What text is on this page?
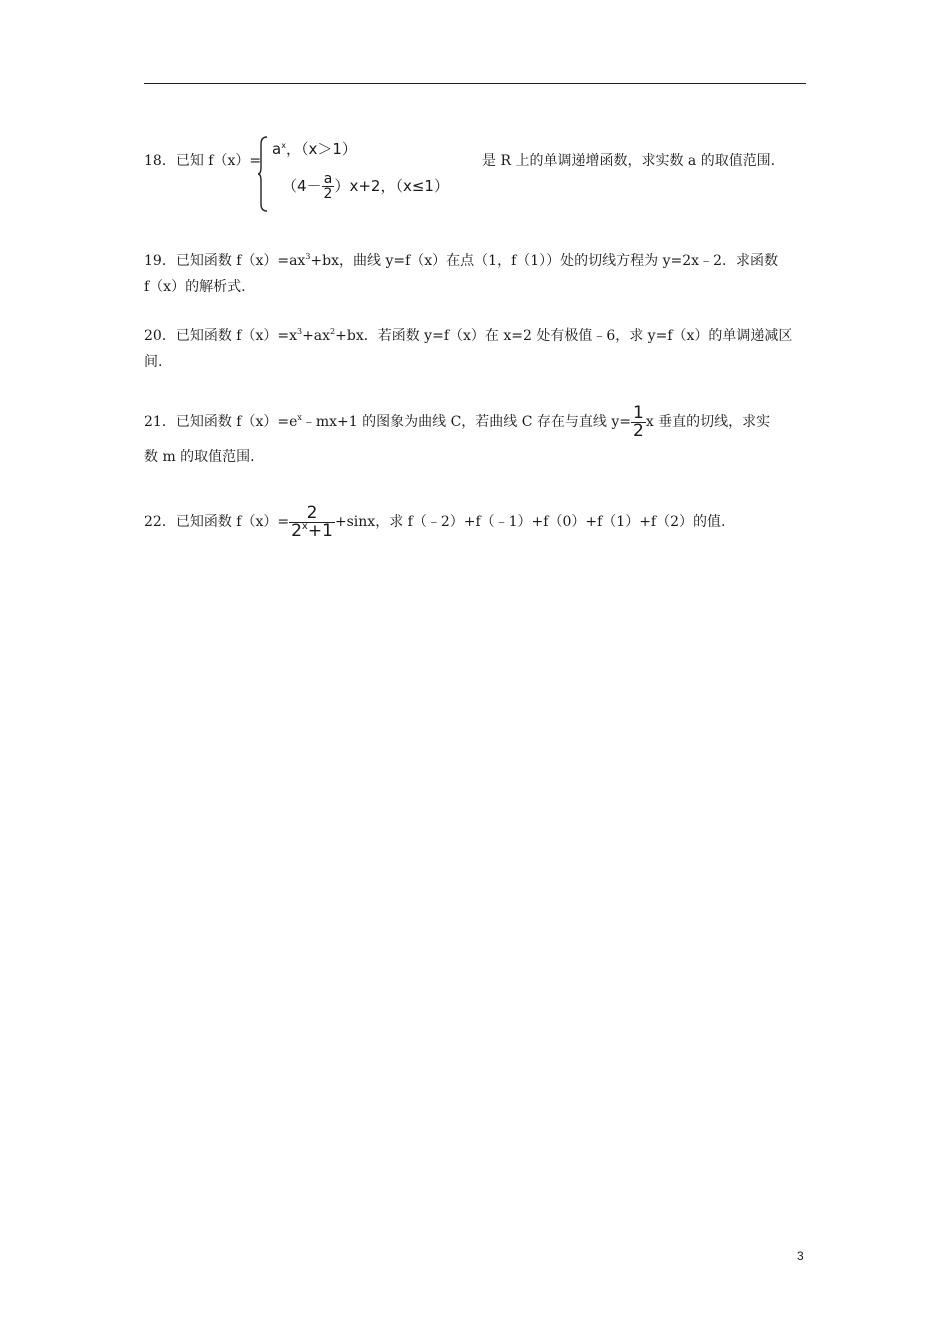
18．已知 f（x）=
$a^x$，（x＞1）
$(4- \frac{a}{2} )x+2$，（x≤1）
是 R 上的单调递增函数，求实数 a 的取值范围.
19．已知函数 $f(x)=ax^3+bx$，曲线 y=f（x）在点（1，f（1））处的切线方程为 y=2x﹣2．求函数
f（x）的解析式.
20．已知函数 $f(x)=x^3+ax^2+bx$．若函数 y=f（x）在 x=2 处有极值﹣6，求 y=f（x）的单调递减区
间.
21．已知函数 $f(x)=e^x﹣mx+1$ 的图象为曲线 C，若曲线 C 存在与直线 $y= \frac{1}{2}$ x 垂直的切线，求实
数 m 的取值范围.
22．已知函数 $f(x)= \frac{2}{2^x+1} +\sin x$，求 f（﹣2）+f（﹣1）+f（0）+f（1）+f（2）的值.
3
